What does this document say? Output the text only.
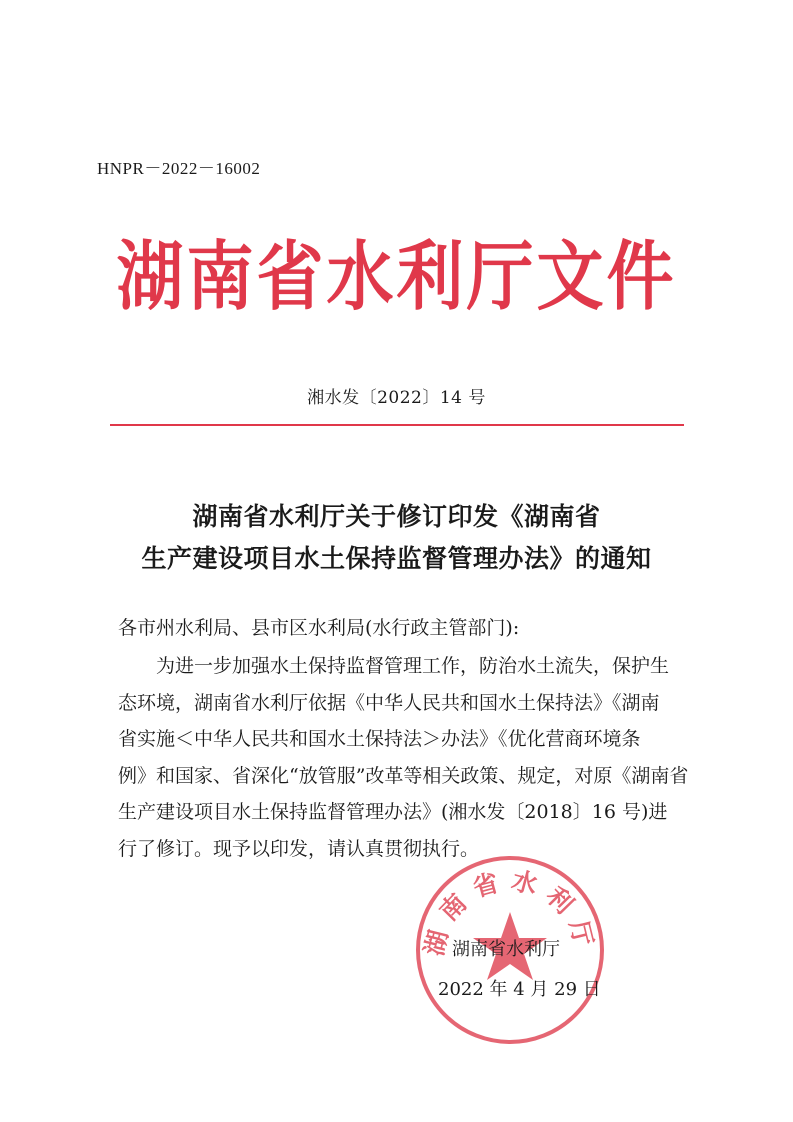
HNPR－2022－16002
湖南省水利厅文件
湘水发〔2022〕14 号
湖南省水利厅关于修订印发《湖南省
生产建设项目水土保持监督管理办法》的通知
各市州水利局、县市区水利局(水行政主管部门):
为进一步加强水土保持监督管理工作，防治水土流失，保护生
态环境，湖南省水利厅依据《中华人民共和国水土保持法》《湖南
省实施＜中华人民共和国水土保持法＞办法》《优化营商环境条
例》和国家、省深化“放管服”改革等相关政策、规定，对原《湖南省
生产建设项目水土保持监督管理办法》(湘水发〔2018〕16 号)进
行了修订。现予以印发，请认真贯彻执行。
湖南省水利厅
湖南省水利厅
2022 年 4 月 29 日
